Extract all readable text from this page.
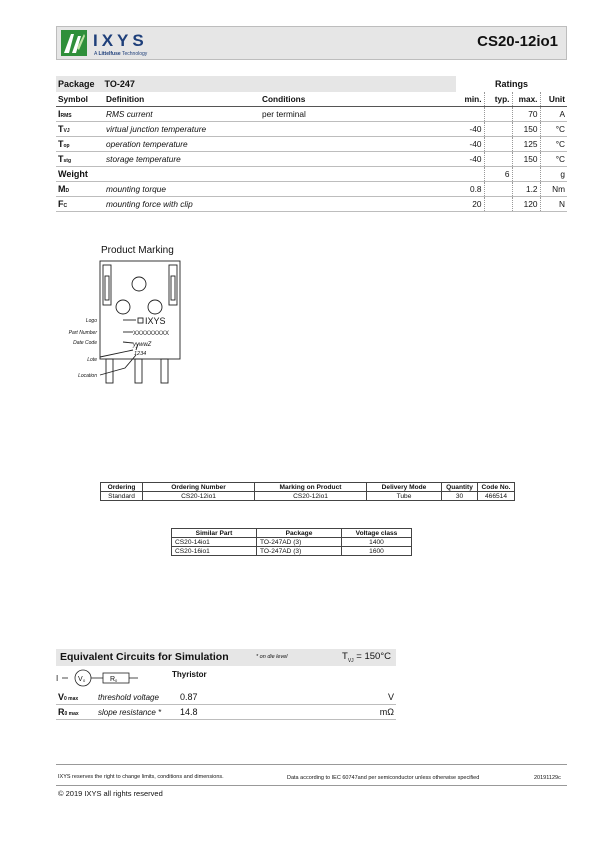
IXYS
A Littelfuse Technology
CS20-12io1
Package TO-247			Ratings			
Symbol	Definition	Conditions	min.	typ.	max.	Unit
IRMS	RMS current	per terminal			70	A
TVJ	virtual junction temperature		-40		150	°C
Top	operation temperature		-40		125	°C
Tstg	storage temperature		-40		150	°C
Weight				6		g
MD	mounting torque		0.8		1.2	Nm
FC	mounting force with clip		20		120	N
Product Marking
Logo
Part Number
Date Code
Lote
Location
IXYS
XXXXXXXXX
yywwZ
1234
Ordering	Ordering Number	Marking on Product	Delivery Mode	Quantity	Code No.
Standard	CS20-12io1	CS20-12io1	Tube	30	466514
Similar Part	Package	Voltage class
CS20-14io1	TO-247AD (3)	1400
CS20-16io1	TO-247AD (3)	1600
Equivalent Circuits for Simulation	* on die level	$T_{VJ} = 150^\circ C$
I	V 0	R 0
Thyristor
V0 max	threshold voltage	0.87	V
R0 max	slope resistance *	14.8	mΩ
IXYS reserves the right to change limits, conditions and dimensions.	Data according to IEC 60747and per semiconductor unless otherwise specified	20191129c
© 2019 IXYS all rights reserved
